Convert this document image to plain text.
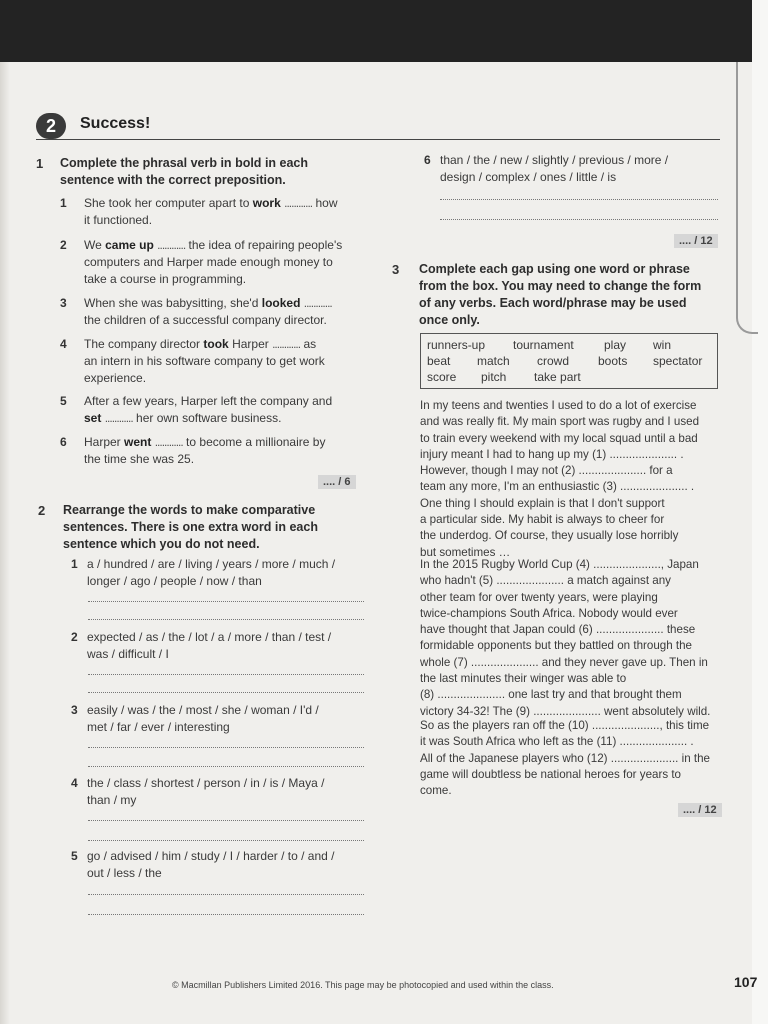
2	Success!
1 Complete the phrasal verb in bold in each
sentence with the correct preposition.
1 She took her computer apart to work ............ how
it functioned.
2 We came up ............ the idea of repairing people's
computers and Harper made enough money to
take a course in programming.
3 When she was babysitting, she'd looked ............
the children of a successful company director.
4 The company director took Harper ............ as
an intern in his software company to get work
experience.
5 After a few years, Harper left the company and
set ............ her own software business.
6 Harper went ............ to become a millionaire by
the time she was 25.
.... / 6
2 Rearrange the words to make comparative
sentences. There is one extra word in each
sentence which you do not need.
1 a / hundred / are / living / years / more / much /
longer / ago / people / now / than
2 expected / as / the / lot / a / more / than / test /
was / difficult / I
3 easily / was / the / most / she / woman / I'd /
met / far / ever / interesting
4 the / class / shortest / person / in / is / Maya /
than / my
5 go / advised / him / study / I / harder / to / and /
out / less / the
6 than / the / new / slightly / previous / more /
design / complex / ones / little / is
.... / 12
3 Complete each gap using one word or phrase
from the box. You may need to change the form
of any verbs. Each word/phrase may be used
once only.
runners-up tournament	play win
beat match crowd boots spectator
score pitch take part
In my teens and twenties I used to do a lot of exercise
and was really fit. My main sport was rugby and I used
to train every weekend with my local squad until a bad
injury meant I had to hang up my (1) ..................... .
However, though I may not (2) ..................... for a
team any more, I'm an enthusiastic (3) ..................... .
One thing I should explain is that I don't support
a particular side. My habit is always to cheer for
the underdog. Of course, they usually lose horribly
but sometimes …
In the 2015 Rugby World Cup (4) ....................., Japan
who hadn't (5) ..................... a match against any
other team for over twenty years, were playing
twice-champions South Africa. Nobody would ever
have thought that Japan could (6) ..................... these
formidable opponents but they battled on through the
whole (7) ..................... and they never gave up. Then in
the last minutes their winger was able to
(8) ..................... one last try and that brought them
victory 34-32! The (9) ..................... went absolutely wild.
So as the players ran off the (10) ....................., this time
it was South Africa who left as the (11) ..................... .
All of the Japanese players who (12) ..................... in the
game will doubtless be national heroes for years to
come.
.... / 12
© Macmillan Publishers Limited 2016. This page may be photocopied and used within the class.	107
